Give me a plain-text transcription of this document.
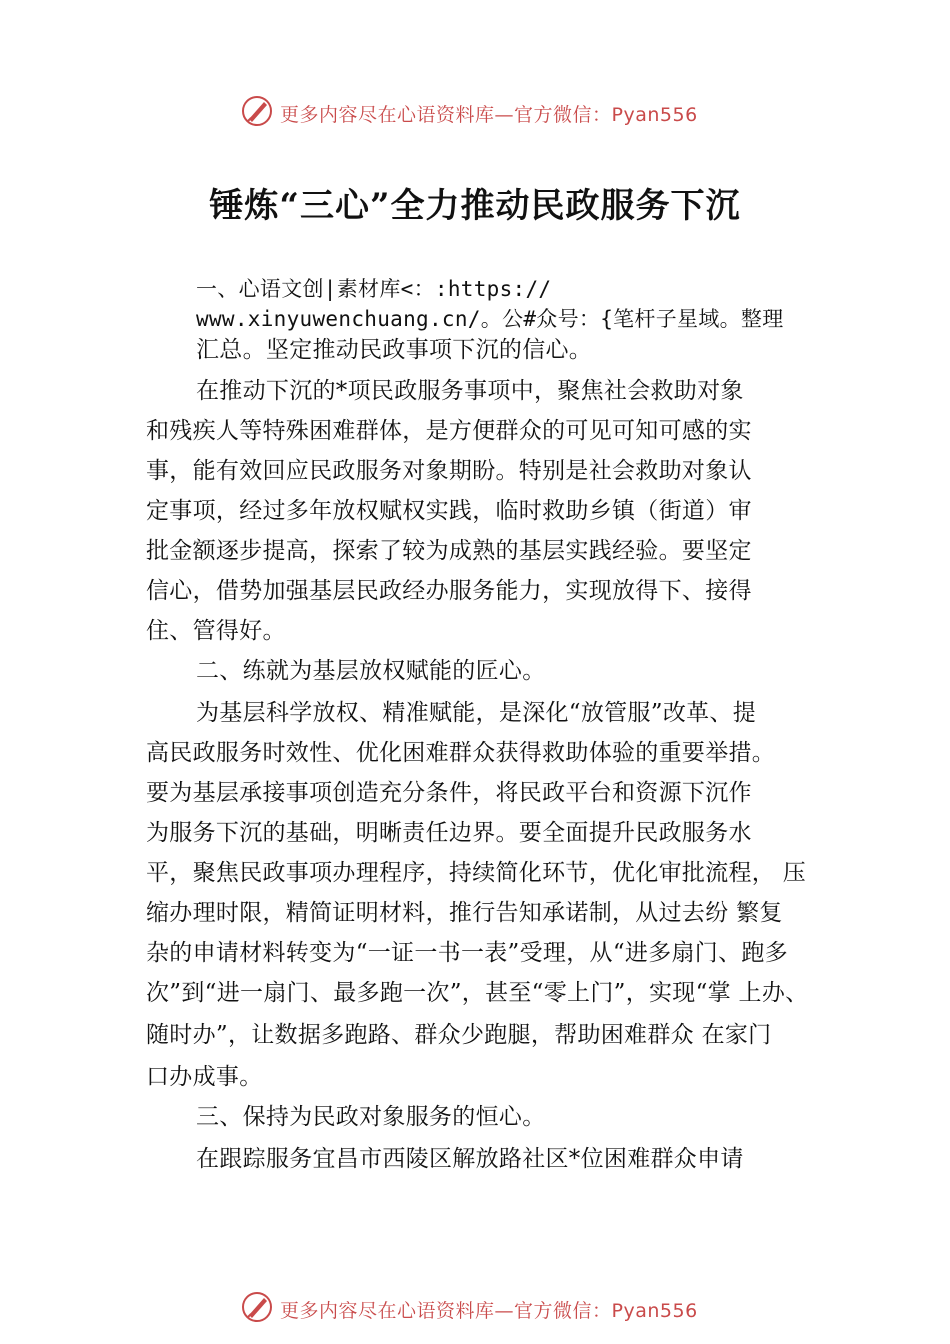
更多内容尽在心语资料库—官方微信：Pyan556
锤炼“三心”全力推动民政服务下沉
一、心语文创|素材库<：:https://
www.xinyuwenchuang.cn/。公#众号：{笔杆子星域。整理
汇总。坚定推动民政事项下沉的信心。
在推动下沉的*项民政服务事项中，聚焦社会救助对象
和残疾人等特殊困难群体，是方便群众的可见可知可感的实
事，能有效回应民政服务对象期盼。特别是社会救助对象认
定事项，经过多年放权赋权实践，临时救助乡镇（街道）审
批金额逐步提高，探索了较为成熟的基层实践经验。要坚定
信心，借势加强基层民政经办服务能力，实现放得下、接得
住、管得好。
二、练就为基层放权赋能的匠心。
为基层科学放权、精准赋能，是深化“放管服”改革、提
高民政服务时效性、优化困难群众获得救助体验的重要举措。
要为基层承接事项创造充分条件，将民政平台和资源下沉作
为服务下沉的基础，明晰责任边界。要全面提升民政服务水
平，聚焦民政事项办理程序，持续简化环节，优化审批流程， 压
缩办理时限，精简证明材料，推行告知承诺制，从过去纷 繁复
杂的申请材料转变为“一证一书一表”受理，从“进多扇门、跑多
次”到“进一扇门、最多跑一次”，甚至“零上门”，实现“掌 上办、
随时办”，让数据多跑路、群众少跑腿，帮助困难群众 在家门
口办成事。
三、保持为民政对象服务的恒心。
在跟踪服务宜昌市西陵区解放路社区*位困难群众申请
更多内容尽在心语资料库—官方微信：Pyan556
